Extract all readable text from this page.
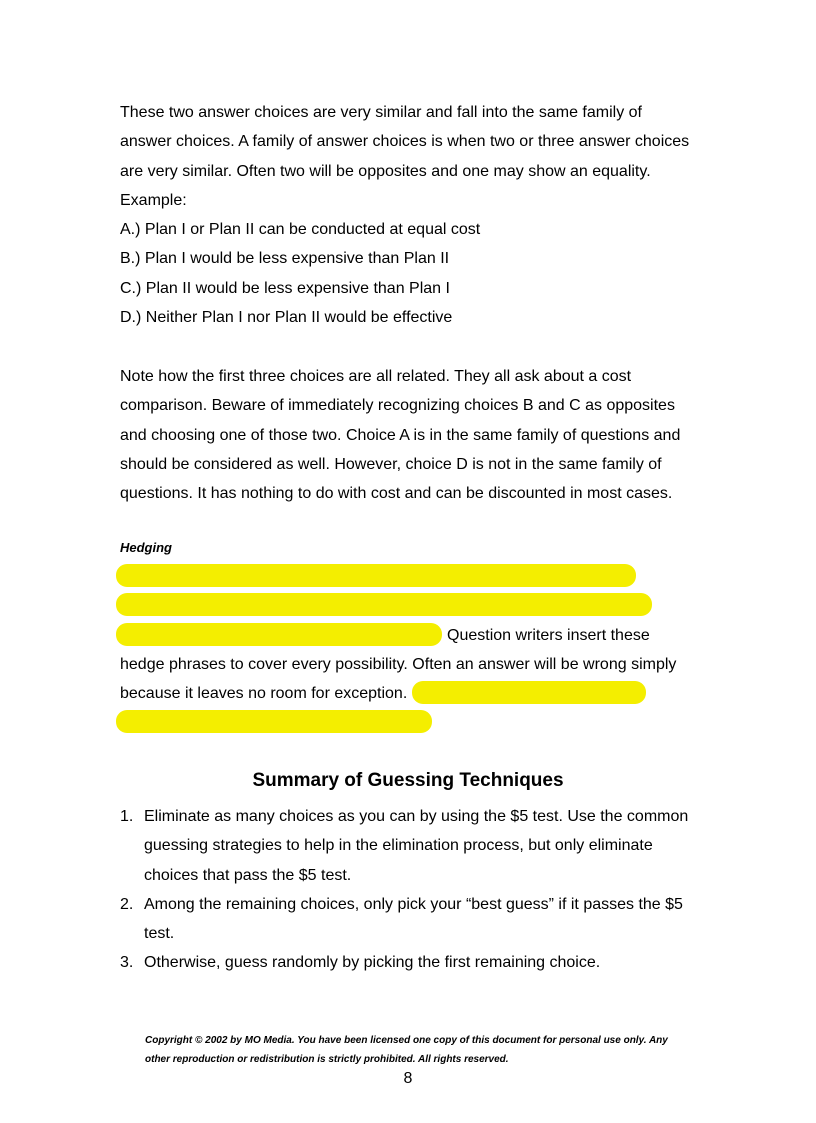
These two answer choices are very similar and fall into the same family of
answer choices. A family of answer choices is when two or three answer choices
are very similar. Often two will be opposites and one may show an equality.
Example:
A.) Plan I or Plan II can be conducted at equal cost
B.) Plan I would be less expensive than Plan II
C.) Plan II would be less expensive than Plan I
D.) Neither Plan I nor Plan II would be effective
Note how the first three choices are all related. They all ask about a cost
comparison. Beware of immediately recognizing choices B and C as opposites
and choosing one of those two. Choice A is in the same family of questions and
should be considered as well. However, choice D is not in the same family of
questions. It has nothing to do with cost and can be discounted in most cases.
Hedging
Question writers insert these
hedge phrases to cover every possibility. Often an answer will be wrong simply
because it leaves no room for exception.
Summary of Guessing Techniques
1. Eliminate as many choices as you can by using the $5 test. Use the common
guessing strategies to help in the elimination process, but only eliminate
choices that pass the $5 test.
2. Among the remaining choices, only pick your “best guess” if it passes the $5
test.
3. Otherwise, guess randomly by picking the first remaining choice.
Copyright © 2002 by MO Media. You have been licensed one copy of this document for personal use only. Any
other reproduction or redistribution is strictly prohibited. All rights reserved.
8
